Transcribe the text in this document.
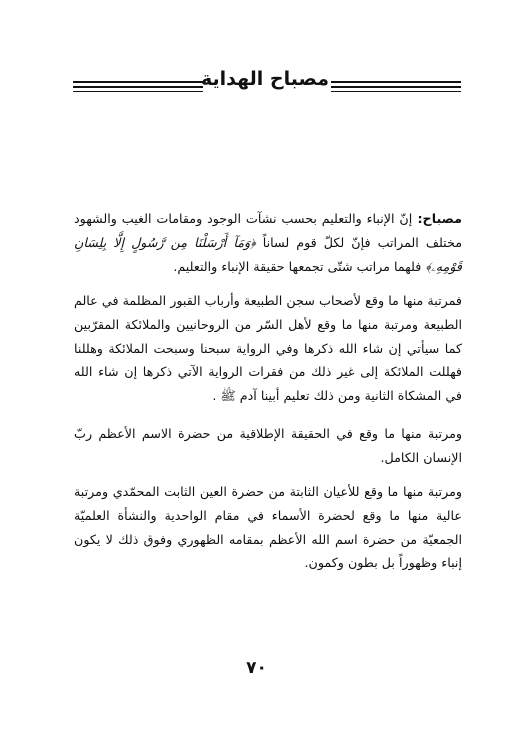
مصباح الهداية

مصباح: إنّ الإنباء والتعليم بحسب نشآت الوجود ومقامات الغيب والشهود مختلف المراتب فإنّ لكلّ قوم لساناً ﴿وَمَآ أَرْسَلْنَا مِن رَّسُولٍ إِلَّا بِلِسَانِ قَوْمِهِۦ﴾ فلهما مراتب شتّى تجمعها حقيقة الإنباء والتعليم.

فمرتبة منها ما وقع لأصحاب سجن الطبيعة وأرباب القبور المظلمة في عالم الطبيعة ومرتبة منها ما وقع لأهل السّر من الروحانيين والملائكة المقرّبين كما سيأتي إن شاء الله ذكرها وفي الرواية سبحنا وسبحت الملائكة وهللنا فهللت الملائكة إلى غير ذلك من فقرات الرواية الآتي ذكرها إن شاء الله في المشكاة الثانية ومن ذلك تعليم أبينا آدم ﷺ .

ومرتبة منها ما وقع في الحقيقة الإطلاقية من حضرة الاسم الأعظم ربّ الإنسان الكامل.

ومرتبة منها ما وقع للأعيان الثابتة من حضرة العين الثابت المحمّدي ومرتبة عالية منها ما وقع لحضرة الأسماء في مقام الواحدية والنشأة العلميّة الجمعيّة من حضرة اسم الله الأعظم بمقامه الظهوري وفوق ذلك لا يكون إنباء وظهوراً بل بطون وكمون.

٧٠
